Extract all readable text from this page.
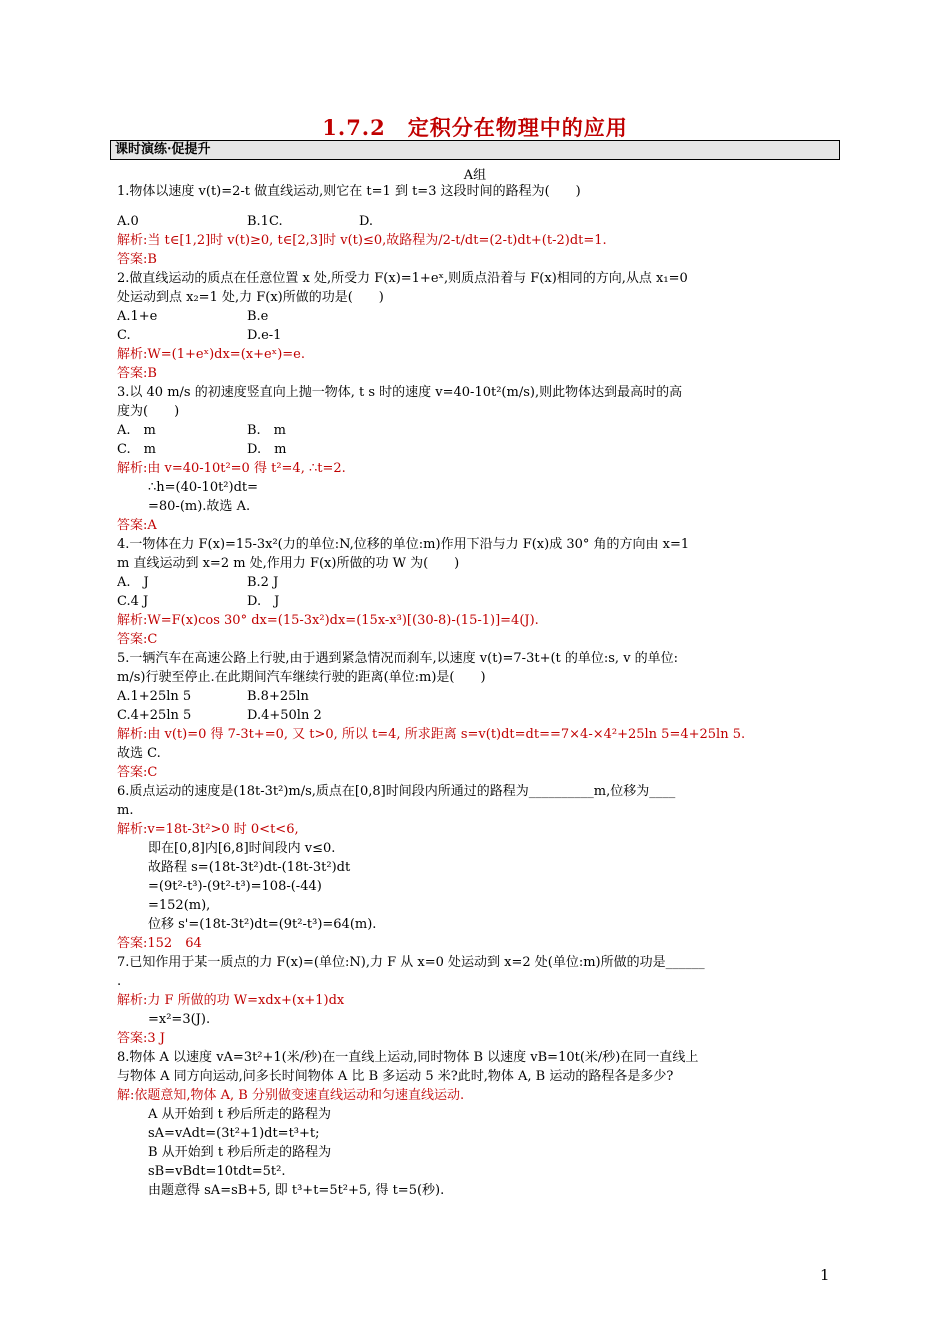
1.7.2　定积分在物理中的应用
课时演练·促提升
A组
1.物体以速度 v(t)=2-t 做直线运动,则它在 t=1 到 t=3 这段时间的路程为(　　)
A.0	B.1 C.	D.
解析:当 t∈[1,2]时 v(t)≥0, t∈[2,3]时 v(t)≤0,故路程为/2-t/dt=(2-t)dt+(t-2)dt=1.
答案:B
2.做直线运动的质点在任意位置 x 处,所受力 F(x)=1+eˣ,则质点沿着与 F(x)相同的方向,从点 x₁=0
处运动到点 x₂=1 处,力 F(x)所做的功是(　　)
A.1+e	B.e
C.	D.e-1
解析:W=(1+eˣ)dx=(x+eˣ)=e.
答案:B
3.以 40 m/s 的初速度竖直向上抛一物体, t s 时的速度 v=40-10t²(m/s),则此物体达到最高时的高
度为(　　)
A.　m	B.　m
C.　m	D.　m
解析:由 v=40-10t²=0 得 t²=4, ∴t=2.
∴h=(40-10t²)dt=
=80-(m).故选 A.
答案:A
4.一物体在力 F(x)=15-3x²(力的单位:N,位移的单位:m)作用下沿与力 F(x)成 30° 角的方向由 x=1
m 直线运动到 x=2 m 处,作用力 F(x)所做的功 W 为(　　)
A.　J	B.2 J
C.4 J	D.　J
解析:W=F(x)cos 30° dx=(15-3x²)dx=(15x-x³)[(30-8)-(15-1)]=4(J).
答案:C
5.一辆汽车在高速公路上行驶,由于遇到紧急情况而刹车,以速度 v(t)=7-3t+(t 的单位:s, v 的单位:
m/s)行驶至停止.在此期间汽车继续行驶的距离(单位:m)是(　　)
A.1+25ln 5	B.8+25ln
C.4+25ln 5	D.4+50ln 2
解析:由 v(t)=0 得 7-3t+=0, 又 t>0, 所以 t=4, 所求距离 s=v(t)dt=dt==7×4-×4²+25ln 5=4+25ln 5.
故选 C.
答案:C
6.质点运动的速度是(18t-3t²)m/s,质点在[0,8]时间段内所通过的路程为__________m,位移为____
m.
解析:v=18t-3t²>0 时 0<t<6,
即在[0,8]内[6,8]时间段内 v≤0.
故路程 s=(18t-3t²)dt-(18t-3t²)dt
=(9t²-t³)-(9t²-t³)=108-(-44)
=152(m),
位移 s'=(18t-3t²)dt=(9t²-t³)=64(m).
答案:152　64
7.已知作用于某一质点的力 F(x)=(单位:N),力 F 从 x=0 处运动到 x=2 处(单位:m)所做的功是______
.
解析:力 F 所做的功 W=xdx+(x+1)dx
=x²=3(J).
答案:3 J
8.物体 A 以速度 vA=3t²+1(米/秒)在一直线上运动,同时物体 B 以速度 vB=10t(米/秒)在同一直线上
与物体 A 同方向运动,问多长时间物体 A 比 B 多运动 5 米?此时,物体 A, B 运动的路程各是多少?
解:依题意知,物体 A, B 分别做变速直线运动和匀速直线运动.
A 从开始到 t 秒后所走的路程为
sA=vAdt=(3t²+1)dt=t³+t;
B 从开始到 t 秒后所走的路程为
sB=vBdt=10tdt=5t².
由题意得 sA=sB+5, 即 t³+t=5t²+5, 得 t=5(秒).
1
